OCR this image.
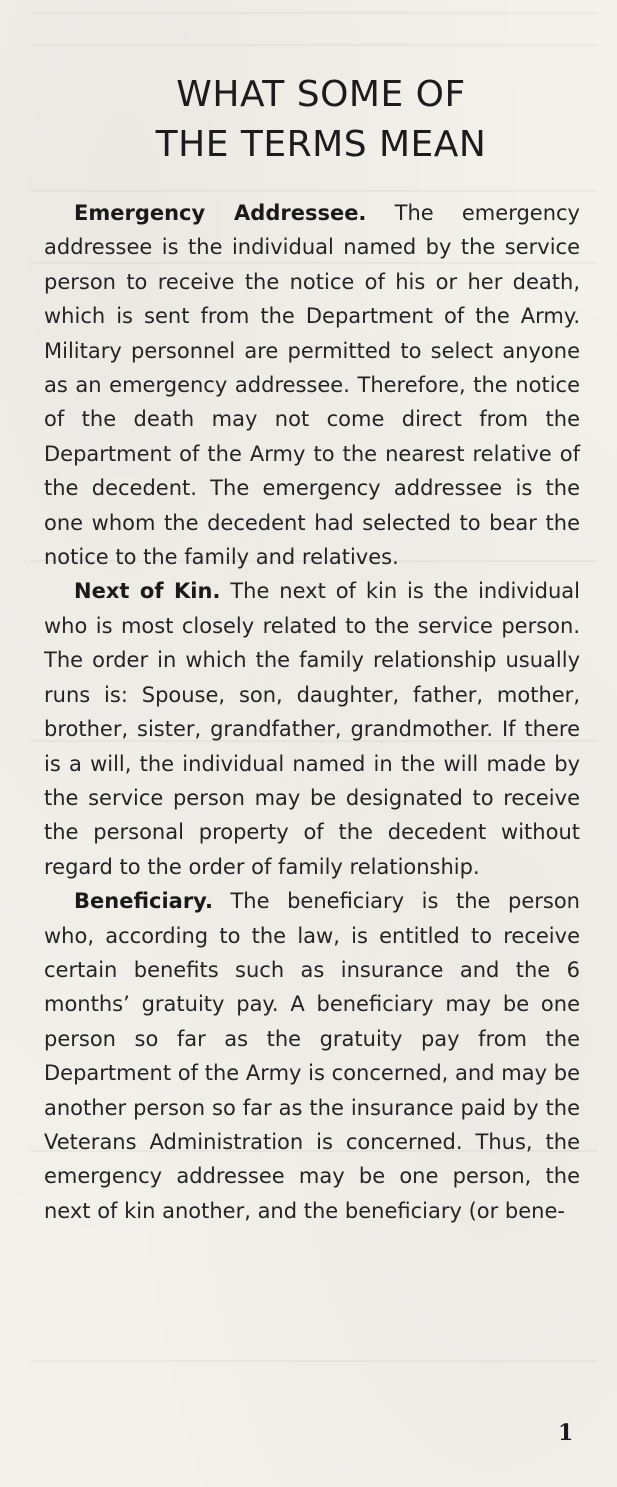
WHAT SOME OF
THE TERMS MEAN

Emergency Addressee. The emergency addressee is the individual named by the service person to receive the notice of his or her death, which is sent from the Department of the Army. Military personnel are permitted to select anyone as an emergency addressee. Therefore, the notice of the death may not come direct from the Department of the Army to the nearest relative of the decedent. The emergency addressee is the one whom the decedent had selected to bear the notice to the family and relatives.

Next of Kin. The next of kin is the individual who is most closely related to the service person. The order in which the family relationship usually runs is: Spouse, son, daughter, father, mother, brother, sister, grandfather, grandmother. If there is a will, the individual named in the will made by the service person may be designated to receive the personal property of the decedent without regard to the order of family relationship.

Beneficiary. The beneficiary is the person who, according to the law, is entitled to receive certain benefits such as insurance and the 6 months’ gratuity pay. A beneficiary may be one person so far as the gratuity pay from the Department of the Army is concerned, and may be another person so far as the insurance paid by the Veterans Administration is concerned. Thus, the emergency addressee may be one person, the next of kin another, and the beneficiary (or bene-

1
